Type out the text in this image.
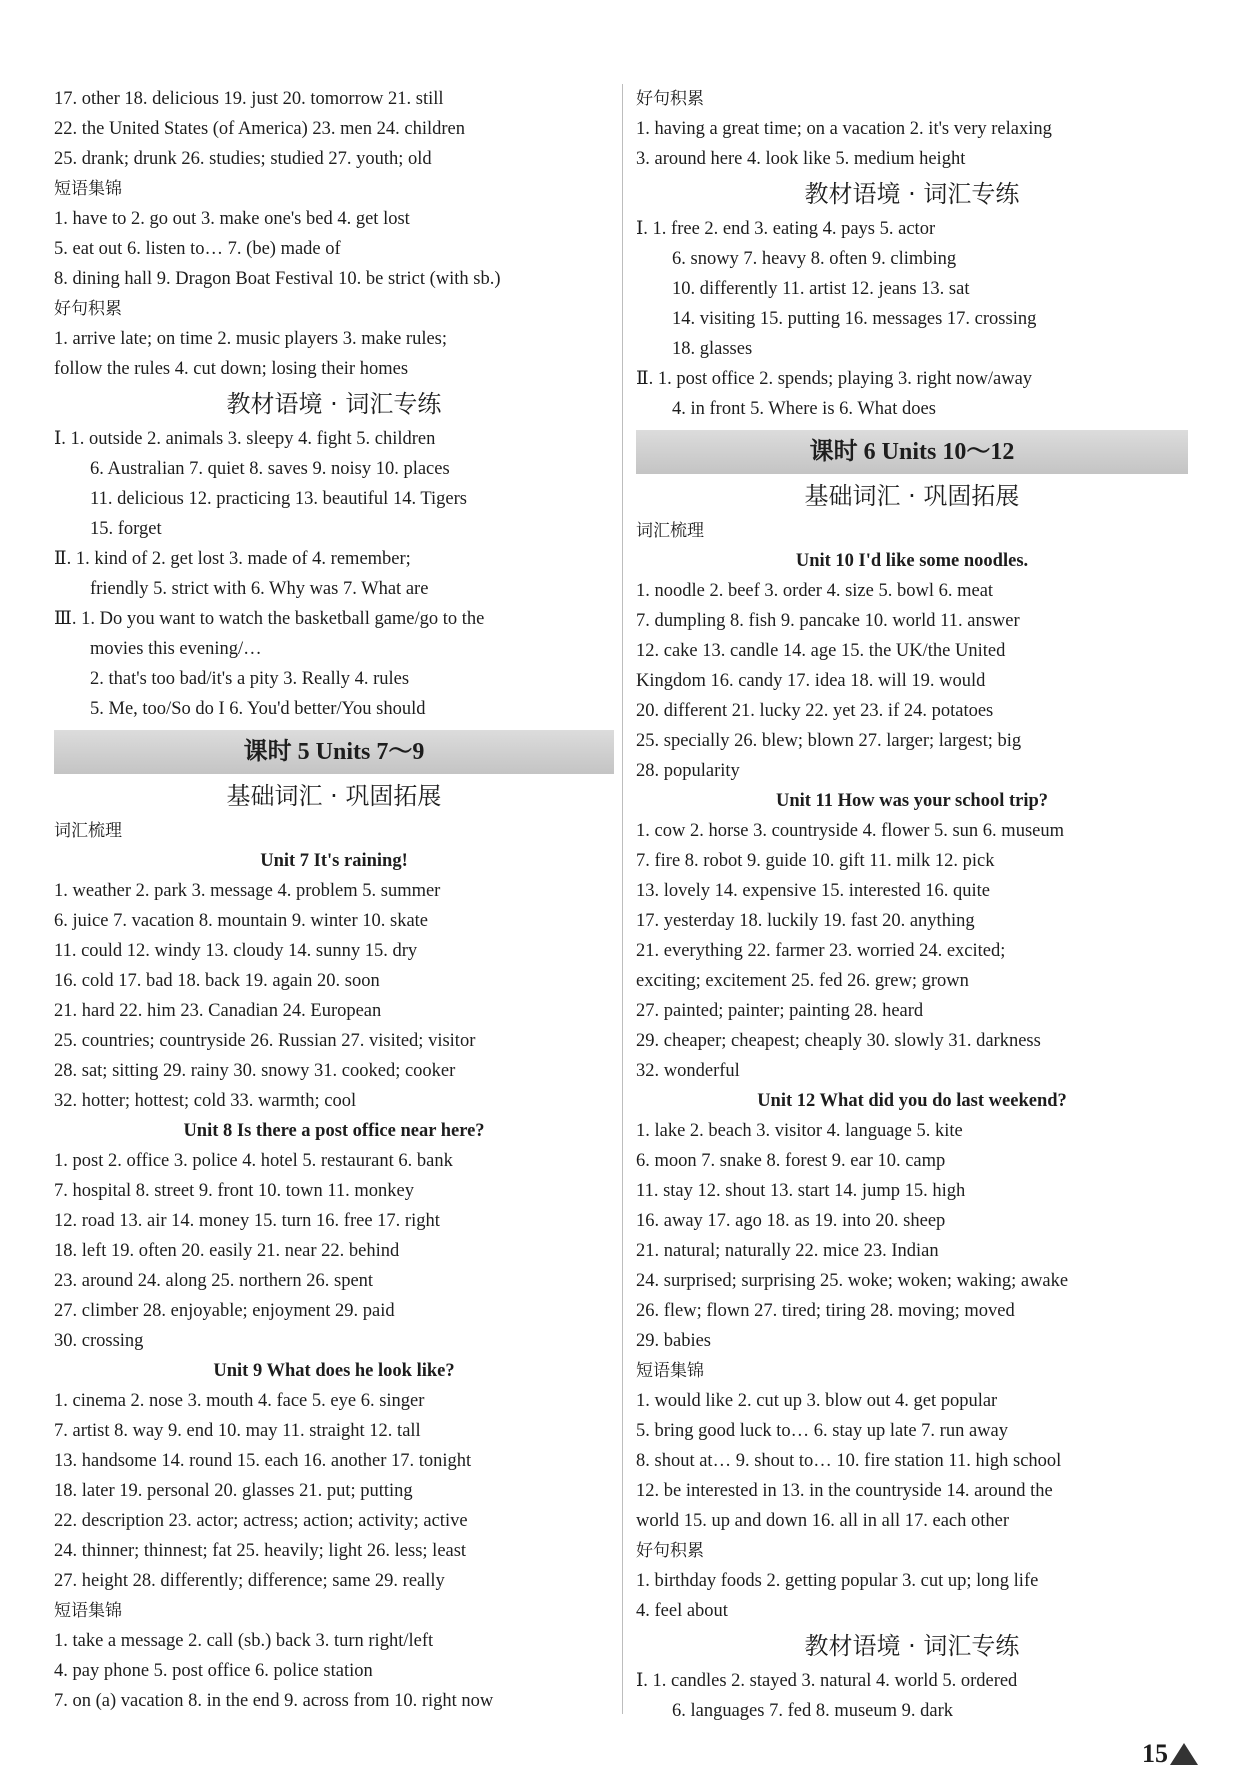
17. other 18. delicious 19. just 20. tomorrow 21. still
22. the United States (of America) 23. men 24. children
25. drank; drunk 26. studies; studied 27. youth; old
短语集锦
1. have to 2. go out 3. make one's bed 4. get lost
5. eat out 6. listen to… 7. (be) made of
8. dining hall 9. Dragon Boat Festival 10. be strict (with sb.)
好句积累
1. arrive late; on time 2. music players 3. make rules;
follow the rules 4. cut down; losing their homes
教材语境 · 词汇专练
Ⅰ. 1. outside 2. animals 3. sleepy 4. fight 5. children
6. Australian 7. quiet 8. saves 9. noisy 10. places
11. delicious 12. practicing 13. beautiful 14. Tigers
15. forget
Ⅱ. 1. kind of 2. get lost 3. made of 4. remember;
friendly 5. strict with 6. Why was 7. What are
Ⅲ. 1. Do you want to watch the basketball game/go to the
movies this evening/…
2. that's too bad/it's a pity 3. Really 4. rules
5. Me, too/So do I 6. You'd better/You should
课时 5 Units 7～9
基础词汇 · 巩固拓展
词汇梳理
Unit 7 It's raining!
1. weather 2. park 3. message 4. problem 5. summer
6. juice 7. vacation 8. mountain 9. winter 10. skate
11. could 12. windy 13. cloudy 14. sunny 15. dry
16. cold 17. bad 18. back 19. again 20. soon
21. hard 22. him 23. Canadian 24. European
25. countries; countryside 26. Russian 27. visited; visitor
28. sat; sitting 29. rainy 30. snowy 31. cooked; cooker
32. hotter; hottest; cold 33. warmth; cool
Unit 8 Is there a post office near here?
1. post 2. office 3. police 4. hotel 5. restaurant 6. bank
7. hospital 8. street 9. front 10. town 11. monkey
12. road 13. air 14. money 15. turn 16. free 17. right
18. left 19. often 20. easily 21. near 22. behind
23. around 24. along 25. northern 26. spent
27. climber 28. enjoyable; enjoyment 29. paid
30. crossing
Unit 9 What does he look like?
1. cinema 2. nose 3. mouth 4. face 5. eye 6. singer
7. artist 8. way 9. end 10. may 11. straight 12. tall
13. handsome 14. round 15. each 16. another 17. tonight
18. later 19. personal 20. glasses 21. put; putting
22. description 23. actor; actress; action; activity; active
24. thinner; thinnest; fat 25. heavily; light 26. less; least
27. height 28. differently; difference; same 29. really
短语集锦
1. take a message 2. call (sb.) back 3. turn right/left
4. pay phone 5. post office 6. police station
7. on (a) vacation 8. in the end 9. across from 10. right now
好句积累
1. having a great time; on a vacation 2. it's very relaxing
3. around here 4. look like 5. medium height
教材语境 · 词汇专练
Ⅰ. 1. free 2. end 3. eating 4. pays 5. actor
6. snowy 7. heavy 8. often 9. climbing
10. differently 11. artist 12. jeans 13. sat
14. visiting 15. putting 16. messages 17. crossing
18. glasses
Ⅱ. 1. post office 2. spends; playing 3. right now/away
4. in front 5. Where is 6. What does
课时 6 Units 10～12
基础词汇 · 巩固拓展
词汇梳理
Unit 10 I'd like some noodles.
1. noodle 2. beef 3. order 4. size 5. bowl 6. meat
7. dumpling 8. fish 9. pancake 10. world 11. answer
12. cake 13. candle 14. age 15. the UK/the United
Kingdom 16. candy 17. idea 18. will 19. would
20. different 21. lucky 22. yet 23. if 24. potatoes
25. specially 26. blew; blown 27. larger; largest; big
28. popularity
Unit 11 How was your school trip?
1. cow 2. horse 3. countryside 4. flower 5. sun 6. museum
7. fire 8. robot 9. guide 10. gift 11. milk 12. pick
13. lovely 14. expensive 15. interested 16. quite
17. yesterday 18. luckily 19. fast 20. anything
21. everything 22. farmer 23. worried 24. excited;
exciting; excitement 25. fed 26. grew; grown
27. painted; painter; painting 28. heard
29. cheaper; cheapest; cheaply 30. slowly 31. darkness
32. wonderful
Unit 12 What did you do last weekend?
1. lake 2. beach 3. visitor 4. language 5. kite
6. moon 7. snake 8. forest 9. ear 10. camp
11. stay 12. shout 13. start 14. jump 15. high
16. away 17. ago 18. as 19. into 20. sheep
21. natural; naturally 22. mice 23. Indian
24. surprised; surprising 25. woke; woken; waking; awake
26. flew; flown 27. tired; tiring 28. moving; moved
29. babies
短语集锦
1. would like 2. cut up 3. blow out 4. get popular
5. bring good luck to… 6. stay up late 7. run away
8. shout at… 9. shout to… 10. fire station 11. high school
12. be interested in 13. in the countryside 14. around the
world 15. up and down 16. all in all 17. each other
好句积累
1. birthday foods 2. getting popular 3. cut up; long life
4. feel about
教材语境 · 词汇专练
Ⅰ. 1. candles 2. stayed 3. natural 4. world 5. ordered
6. languages 7. fed 8. museum 9. dark
15
